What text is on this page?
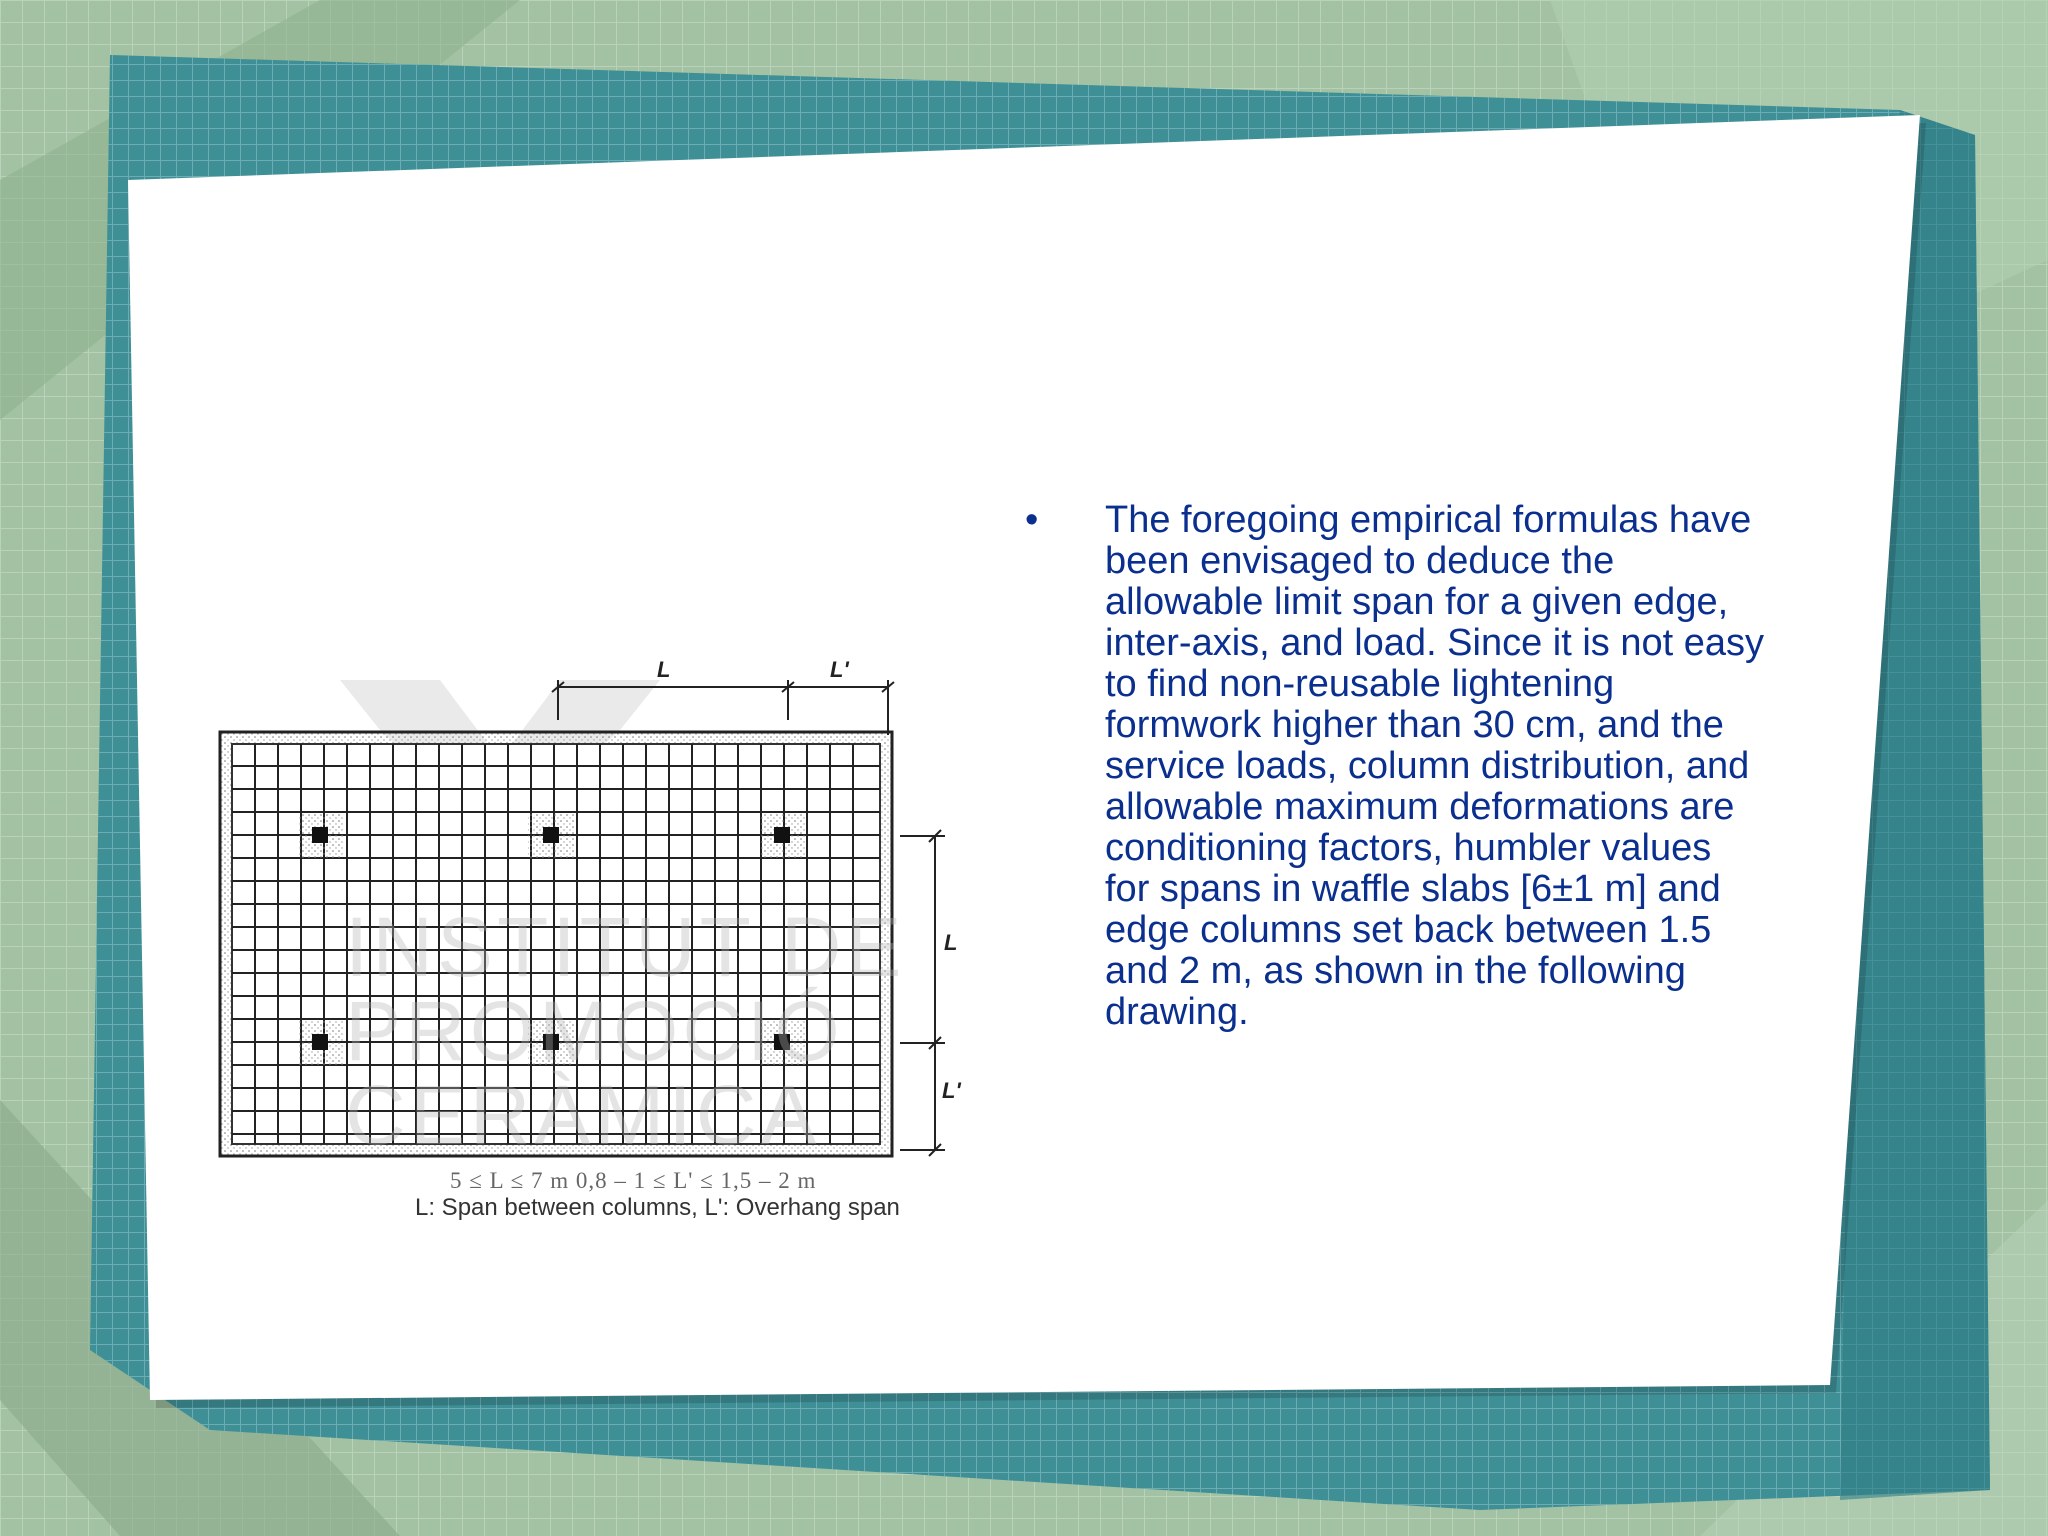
L	L'
L
L'
INSTITUT DE
PROMOCIÓ
CERÀMICA
5 ≤ L ≤ 7 m 0,8 – 1 ≤ L' ≤ 1,5 – 2 m
L: Span between columns, L': Overhang span
•	The foregoing empirical formulas have been envisaged to deduce the allowable limit span for a given edge, inter-axis, and load. Since it is not easy to find non-reusable lightening formwork higher than 30 cm, and the service loads, column distribution, and allowable maximum deformations are conditioning factors, humbler values for spans in waffle slabs [6±1 m] and edge columns set back between 1.5 and 2 m, as shown in the following drawing.
